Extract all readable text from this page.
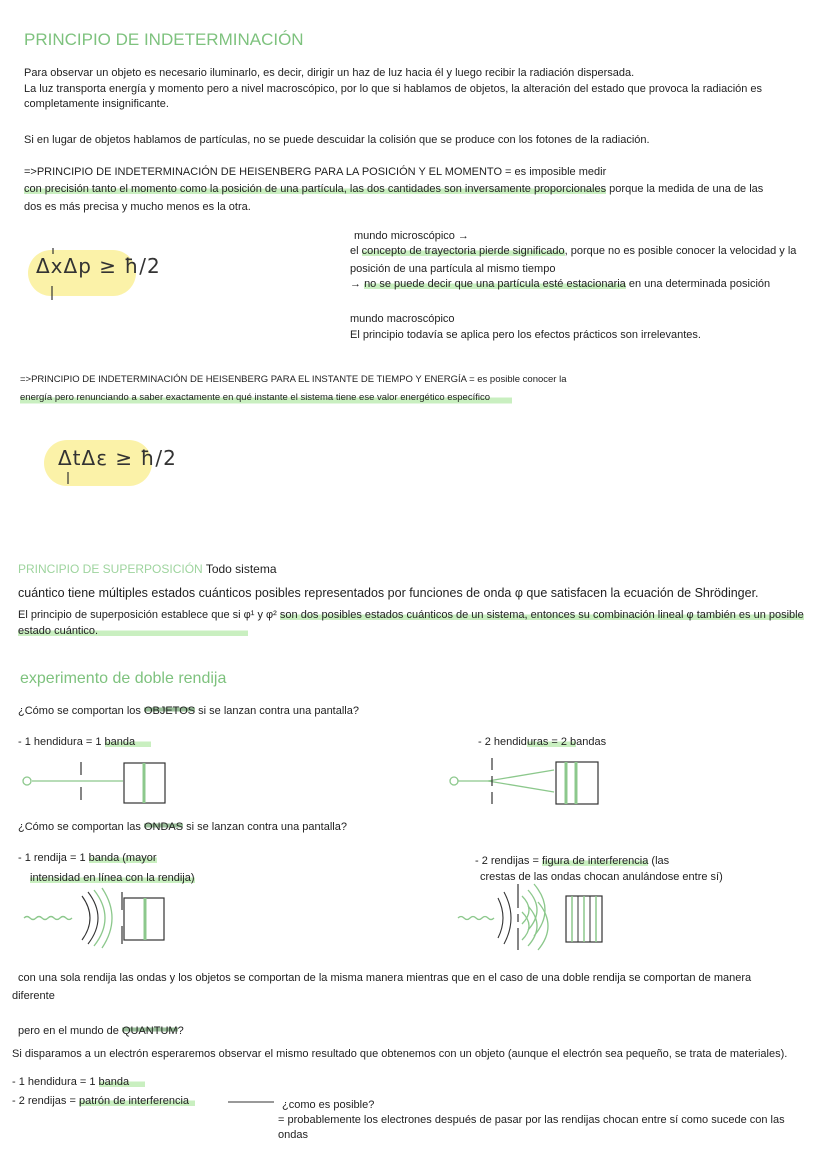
PRINCIPIO DE INDETERMINACIÓN
Para observar un objeto es necesario iluminarlo, es decir, dirigir un haz de luz hacia él y luego recibir la radiación dispersada.
La luz transporta energía y momento pero a nivel macroscópico, por lo que si hablamos de objetos, la alteración del estado que provoca la radiación es
completamente insignificante.
Si en lugar de objetos hablamos de partículas, no se puede descuidar la colisión que se produce con los fotones de la radiación.
=>PRINCIPIO DE INDETERMINACIÓN DE HEISENBERG PARA LA POSICIÓN Y EL MOMENTO = es imposible medir
con precisión tanto el momento como la posición de una partícula, las dos cantidades son inversamente proporcionales porque la medida de una de las
dos es más precisa y mucho menos es la otra.
ΔxΔp ≥ ħ/2
mundo microscópico →
el concepto de trayectoria pierde significado, porque no es posible conocer la velocidad y la
posición de una partícula al mismo tiempo
→ no se puede decir que una partícula esté estacionaria en una determinada posición
mundo macroscópico
El principio todavía se aplica pero los efectos prácticos son irrelevantes.
=>PRINCIPIO DE INDETERMINACIÓN DE HEISENBERG PARA EL INSTANTE DE TIEMPO Y ENERGÍA = es posible conocer la
energía pero renunciando a saber exactamente en qué instante el sistema tiene ese valor energético específico
ΔtΔε ≥ ħ/2
PRINCIPIO DE SUPERPOSICIÓN Todo sistema
cuántico tiene múltiples estados cuánticos posibles representados por funciones de onda φ que satisfacen la ecuación de Shrödinger.
El principio de superposición establece que si φ¹ y φ² son dos posibles estados cuánticos de un sistema, entonces su combinación lineal φ también es un posible
estado cuántico.
experimento de doble rendija
¿Cómo se comportan los OBJETOS si se lanzan contra una pantalla?
- 1 hendidura = 1 banda	- 2 hendiduras = 2 bandas
¿Cómo se comportan las ONDAS si se lanzan contra una pantalla?
- 1 rendija = 1 banda (mayor
intensidad en línea con la rendija)
- 2 rendijas = figura de interferencia (las
crestas de las ondas chocan anulándose entre sí)
con una sola rendija las ondas y los objetos se comportan de la misma manera mientras que en el caso de una doble rendija se comportan de manera
diferente
pero en el mundo de QUANTUM?
Si disparamos a un electrón esperaremos observar el mismo resultado que obtenemos con un objeto (aunque el electrón sea pequeño, se trata de materiales).
- 1 hendidura = 1 banda
- 2 rendijas = patrón de interferencia	¿como es posible?
= probablemente los electrones después de pasar por las rendijas chocan entre sí como sucede con las
ondas
